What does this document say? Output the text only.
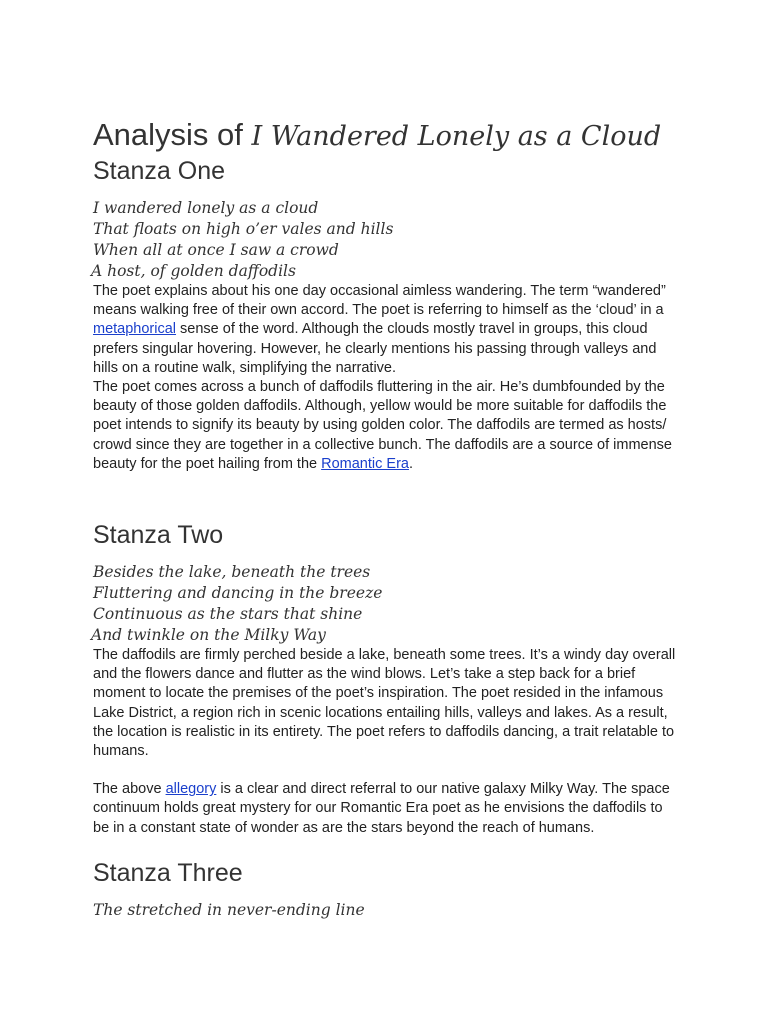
Analysis of I Wandered Lonely as a Cloud
Stanza One
I wandered lonely as a cloud
That floats on high o’er vales and hills
When all at once I saw a crowd
A host, of golden daffodils

The poet explains about his one day occasional aimless wandering. The term “wandered” means walking free of their own accord. The poet is referring to himself as the ‘cloud’ in a metaphorical sense of the word. Although the clouds mostly travel in groups, this cloud prefers singular hovering. However, he clearly mentions his passing through valleys and hills on a routine walk, simplifying the narrative.

The poet comes across a bunch of daffodils fluttering in the air. He’s dumbfounded by the beauty of those golden daffodils. Although, yellow would be more suitable for daffodils the poet intends to signify its beauty by using golden color. The daffodils are termed as hosts/ crowd since they are together in a collective bunch. The daffodils are a source of immense beauty for the poet hailing from the Romantic Era.

Stanza Two
Besides the lake, beneath the trees
Fluttering and dancing in the breeze
Continuous as the stars that shine
And twinkle on the Milky Way

The daffodils are firmly perched beside a lake, beneath some trees. It’s a windy day overall and the flowers dance and flutter as the wind blows. Let’s take a step back for a brief moment to locate the premises of the poet’s inspiration. The poet resided in the infamous Lake District, a region rich in scenic locations entailing hills, valleys and lakes. As a result, the location is realistic in its entirety. The poet refers to daffodils dancing, a trait relatable to humans.

The above allegory is a clear and direct referral to our native galaxy Milky Way. The space continuum holds great mystery for our Romantic Era poet as he envisions the daffodils to be in a constant state of wonder as are the stars beyond the reach of humans.

Stanza Three
The stretched in never-ending line
